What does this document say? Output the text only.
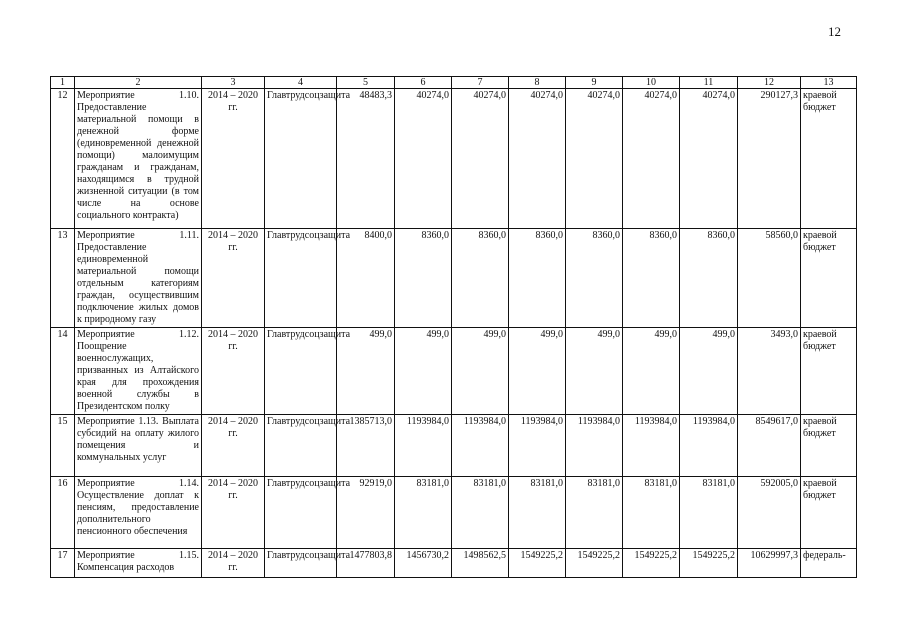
12
1	2	3	4	5	6	7	8	9	10	11	12	13
12	Мероприятие 1.10. Предоставление материальной помощи в денежной форме (единовременной денежной помощи) малоимущим гражданам и гражданам, находящимся в трудной жизненной ситуации (в том числе на основе социального контракта)	2014 – 2020 гг.	Главтрудсоцзащита	48483,3	40274,0	40274,0	40274,0	40274,0	40274,0	40274,0	290127,3	краевой бюджет
13	Мероприятие 1.11. Предоставление единовременной материальной помощи отдельным категориям граждан, осуществившим подключение жилых домов к природному газу	2014 – 2020 гг.	Главтрудсоцзащита	8400,0	8360,0	8360,0	8360,0	8360,0	8360,0	8360,0	58560,0	краевой бюджет
14	Мероприятие 1.12. Поощрение военнослужащих, призванных из Алтайского края для прохождения военной службы в Президентском полку	2014 – 2020 гг.	Главтрудсоцзащита	499,0	499,0	499,0	499,0	499,0	499,0	499,0	3493,0	краевой бюджет
15	Мероприятие 1.13. Выплата субсидий на оплату жилого помещения и коммунальных услуг	2014 – 2020 гг.	Главтрудсоцзащита	1385713,0	1193984,0	1193984,0	1193984,0	1193984,0	1193984,0	1193984,0	8549617,0	краевой бюджет
16	Мероприятие 1.14. Осуществление доплат к пенсиям, предоставление дополнительного пенсионного обеспечения	2014 – 2020 гг.	Главтрудсоцзащита	92919,0	83181,0	83181,0	83181,0	83181,0	83181,0	83181,0	592005,0	краевой бюджет
17	Мероприятие 1.15. Компенсация расходов	2014 – 2020 гг.	Главтрудсоцзащита	1477803,8	1456730,2	1498562,5	1549225,2	1549225,2	1549225,2	1549225,2	10629997,3	федераль-
